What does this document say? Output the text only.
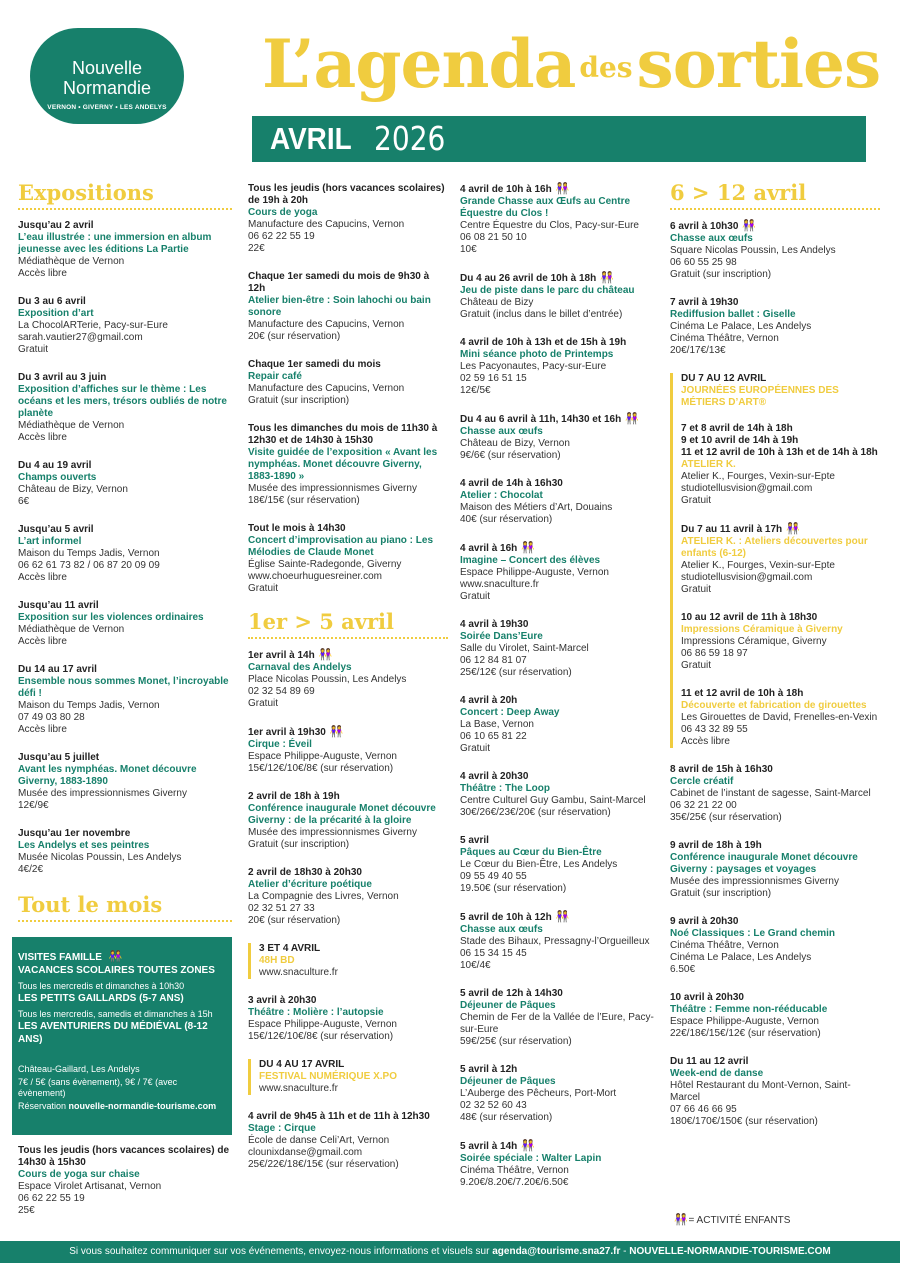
Nouvelle
Normandie
VERNON • GIVERNY • LES ANDELYS
L’agenda dessorties
AVRIL 2026
Expositions

Jusqu’au 2 avril

L’eau illustrée : une immersion en album jeunesse avec les éditions La Partie

Médiathèque de Vernon
Accès libre

Du 3 au 6 avril

Exposition d’art

La ChocolARTerie, Pacy-sur-Eure
sarah.vautier27@gmail.com
Gratuit

Du 3 avril au 3 juin

Exposition d’affiches sur le thème : Les océans et les mers, trésors oubliés de notre planète

Médiathèque de Vernon
Accès libre

Du 4 au 19 avril

Champs ouverts

Château de Bizy, Vernon
6€

Jusqu’au 5 avril

L’art informel

Maison du Temps Jadis, Vernon
06 62 61 73 82 / 06 87 20 09 09
Accès libre

Jusqu’au 11 avril

Exposition sur les violences ordinaires

Médiathèque de Vernon
Accès libre

Du 14 au 17 avril

Ensemble nous sommes Monet, l’incroyable défi !

Maison du Temps Jadis, Vernon
07 49 03 80 28
Accès libre

Jusqu’au 5 juillet

Avant les nymphéas. Monet découvre Giverny, 1883-1890

Musée des impressionnismes Giverny
12€/9€

Jusqu’au 1er novembre

Les Andelys et ses peintres

Musée Nicolas Poussin, Les Andelys
4€/2€

Tout le mois
VISITES FAMILLE 👭
VACANCES SCOLAIRES TOUTES ZONES
Tous les mercredis et dimanches à 10h30
LES PETITS GAILLARDS (5-7 ANS)
Tous les mercredis, samedis et dimanches à 15h
LES AVENTURIERS DU MÉDIÉVAL (8-12 ANS)
Château-Gaillard, Les Andelys
7€ / 5€ (sans évènement), 9€ / 7€ (avec évènement)
Réservation nouvelle-normandie-tourisme.com

Tous les jeudis (hors vacances scolaires) de 14h30 à 15h30

Cours de yoga sur chaise

Espace Virolet Artisanat, Vernon
06 62 22 55 19
25€

Tous les jeudis (hors vacances scolaires) de 19h à 20h

Cours de yoga

Manufacture des Capucins, Vernon
06 62 22 55 19
22€

Chaque 1er samedi du mois de 9h30 à 12h

Atelier bien-être : Soin lahochi ou bain sonore

Manufacture des Capucins, Vernon
20€ (sur réservation)

Chaque 1er samedi du mois

Repair café

Manufacture des Capucins, Vernon
Gratuit (sur inscription)

Tous les dimanches du mois de 11h30 à 12h30 et de 14h30 à 15h30

Visite guidée de l’exposition « Avant les nymphéas. Monet découvre Giverny, 1883-1890 »

Musée des impressionnismes Giverny
18€/15€ (sur réservation)

Tout le mois à 14h30

Concert d’improvisation au piano : Les Mélodies de Claude Monet

Église Sainte-Radegonde, Giverny
www.choeurhuguesreiner.com
Gratuit

1er > 5 avril

1er avril à 14h 👭

Carnaval des Andelys

Place Nicolas Poussin, Les Andelys
02 32 54 89 69
Gratuit

1er avril à 19h30 👭

Cirque : Éveil

Espace Philippe-Auguste, Vernon
15€/12€/10€/8€ (sur réservation)

2 avril de 18h à 19h

Conférence inaugurale Monet découvre Giverny : de la précarité à la gloire

Musée des impressionnismes Giverny
Gratuit (sur inscription)

2 avril de 18h30 à 20h30

Atelier d’écriture poétique

La Compagnie des Livres, Vernon
02 32 51 27 33
20€ (sur réservation)

3 ET 4 AVRIL

48H BD

www.snaculture.fr

3 avril à 20h30

Théâtre : Molière : l’autopsie

Espace Philippe-Auguste, Vernon
15€/12€/10€/8€ (sur réservation)

DU 4 AU 17 AVRIL

FESTIVAL NUMÉRIQUE X.PO

www.snaculture.fr

4 avril de 9h45 à 11h et de 11h à 12h30

Stage : Cirque

École de danse Celi’Art, Vernon
clounixdanse@gmail.com
25€/22€/18€/15€ (sur réservation)

4 avril de 10h à 16h 👭

Grande Chasse aux Œufs au Centre Équestre du Clos !

Centre Équestre du Clos, Pacy-sur-Eure
06 08 21 50 10
10€

Du 4 au 26 avril de 10h à 18h 👭

Jeu de piste dans le parc du château

Château de Bizy
Gratuit (inclus dans le billet d’entrée)

4 avril de 10h à 13h et de 15h à 19h

Mini séance photo de Printemps

Les Pacyonautes, Pacy-sur-Eure
02 59 16 51 15
12€/5€

Du 4 au 6 avril à 11h, 14h30 et 16h 👭

Chasse aux œufs

Château de Bizy, Vernon
9€/6€ (sur réservation)

4 avril de 14h à 16h30

Atelier : Chocolat

Maison des Métiers d’Art, Douains
40€ (sur réservation)

4 avril à 16h 👭

Imagine – Concert des élèves

Espace Philippe-Auguste, Vernon
www.snaculture.fr
Gratuit

4 avril à 19h30

Soirée Dans’Eure

Salle du Virolet, Saint-Marcel
06 12 84 81 07
25€/12€ (sur réservation)

4 avril à 20h

Concert : Deep Away

La Base, Vernon
06 10 65 81 22
Gratuit

4 avril à 20h30

Théâtre : The Loop

Centre Culturel Guy Gambu, Saint-Marcel
30€/26€/23€/20€ (sur réservation)

5 avril

Pâques au Cœur du Bien-Être

Le Cœur du Bien-Être, Les Andelys
09 55 49 40 55
19.50€ (sur réservation)

5 avril de 10h à 12h 👭

Chasse aux œufs

Stade des Bihaux, Pressagny-l’Orgueilleux
06 15 34 15 45
10€/4€

5 avril de 12h à 14h30

Déjeuner de Pâques

Chemin de Fer de la Vallée de l’Eure, Pacy-sur-Eure
59€/25€ (sur réservation)

5 avril à 12h

Déjeuner de Pâques

L’Auberge des Pêcheurs, Port-Mort
02 32 52 60 43
48€ (sur réservation)

5 avril à 14h 👭

Soirée spéciale : Walter Lapin

Cinéma Théâtre, Vernon
9.20€/8.20€/7.20€/6.50€

6 > 12 avril

6 avril à 10h30 👭

Chasse aux œufs

Square Nicolas Poussin, Les Andelys
06 60 55 25 98
Gratuit (sur inscription)

7 avril à 19h30

Rediffusion ballet : Giselle

Cinéma Le Palace, Les Andelys
Cinéma Théâtre, Vernon
20€/17€/13€

DU 7 AU 12 AVRIL
JOURNÉES EUROPÉENNES DES MÉTIERS D’ART®

7 et 8 avril de 14h à 18h
9 et 10 avril de 14h à 19h
11 et 12 avril de 10h à 13h et de 14h à 18h

ATELIER K.

Atelier K., Fourges, Vexin-sur-Epte
studiotellusvision@gmail.com
Gratuit

Du 7 au 11 avril à 17h 👭

ATELIER K. : Ateliers découvertes pour enfants (6-12)

Atelier K., Fourges, Vexin-sur-Epte
studiotellusvision@gmail.com
Gratuit

10 au 12 avril de 11h à 18h30

Impressions Céramique à Giverny

Impressions Céramique, Giverny
06 86 59 18 97
Gratuit

11 et 12 avril de 10h à 18h

Découverte et fabrication de girouettes

Les Girouettes de David, Frenelles-en-Vexin
06 43 32 89 55
Accès libre

8 avril de 15h à 16h30

Cercle créatif

Cabinet de l’instant de sagesse, Saint-Marcel
06 32 21 22 00
35€/25€ (sur réservation)

9 avril de 18h à 19h

Conférence inaugurale Monet découvre Giverny : paysages et voyages

Musée des impressionnismes Giverny
Gratuit (sur inscription)

9 avril à 20h30

Noé Classiques : Le Grand chemin

Cinéma Théâtre, Vernon
Cinéma Le Palace, Les Andelys
6.50€

10 avril à 20h30

Théâtre : Femme non-rééducable

Espace Philippe-Auguste, Vernon
22€/18€/15€/12€ (sur réservation)

Du 11 au 12 avril

Week-end de danse

Hôtel Restaurant du Mont-Vernon, Saint-Marcel
07 66 46 66 95
180€/170€/150€ (sur réservation)

👭 = ACTIVITÉ ENFANTS
Si vous souhaitez communiquer sur vos événements, envoyez-nous informations et visuels sur agenda@tourisme.sna27.fr - NOUVELLE-NORMANDIE-TOURISME.COM
